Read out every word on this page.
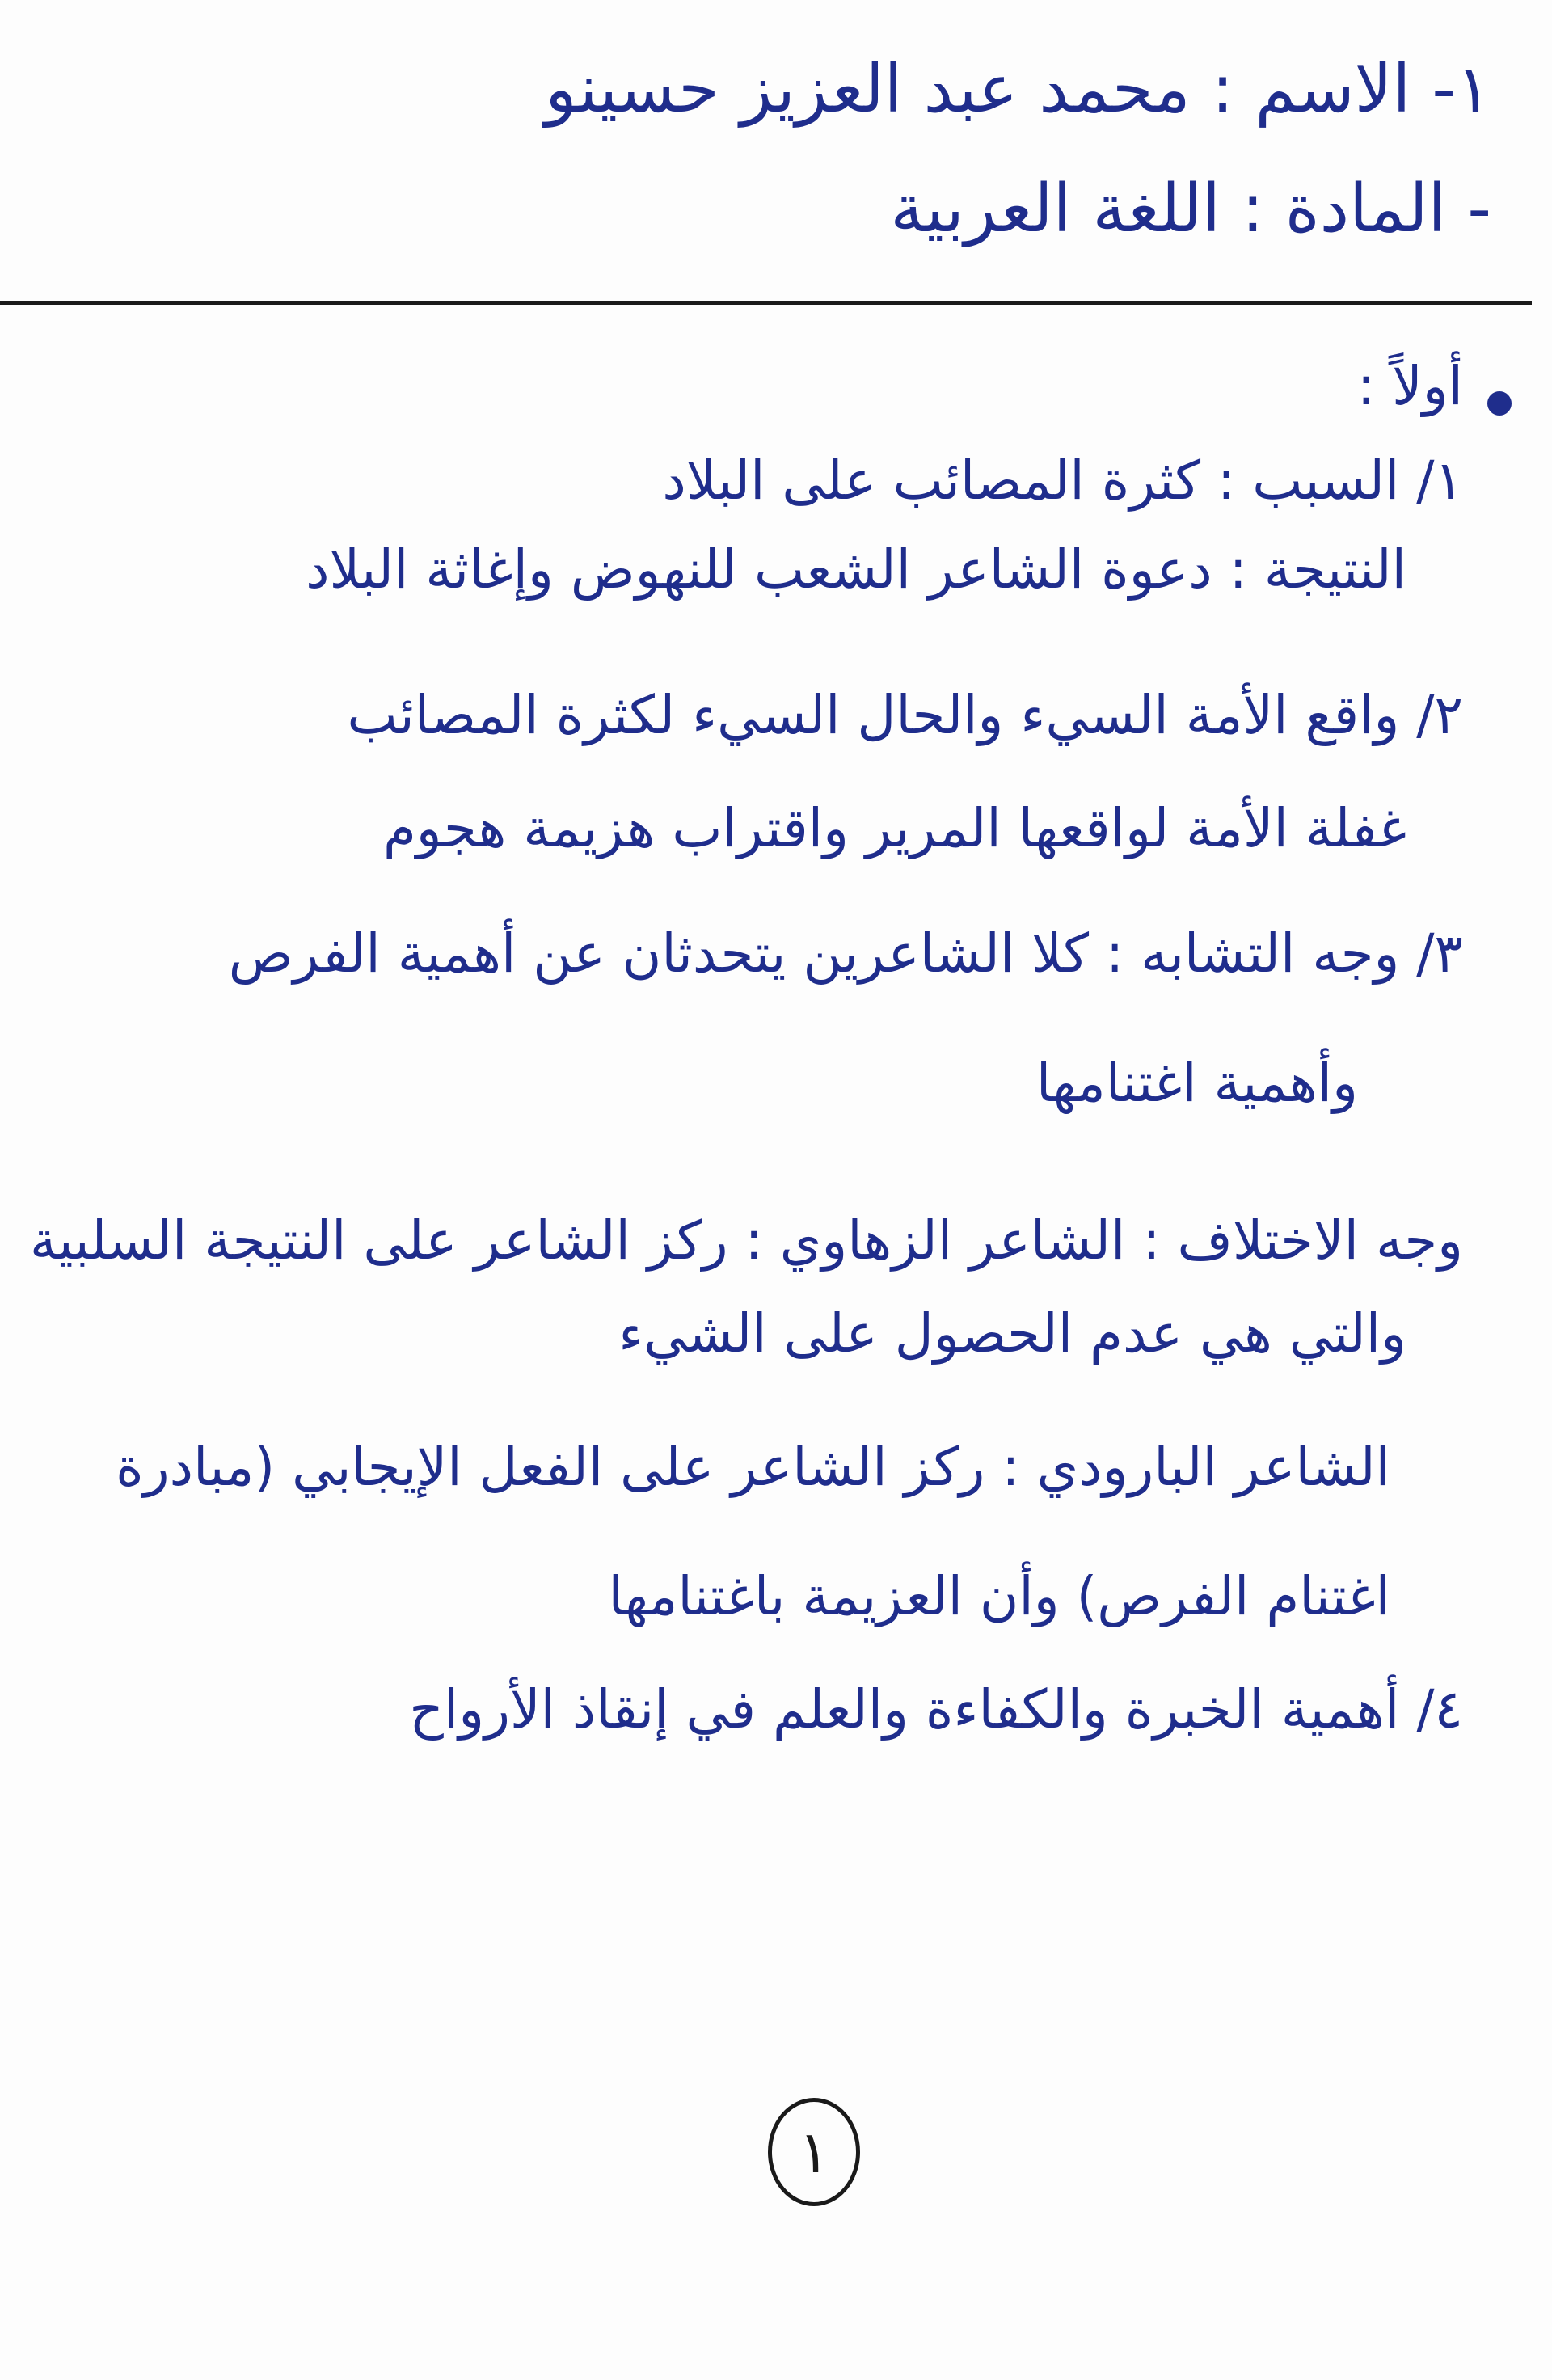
١- الاسم : محمد عبد العزيز حسينو
- المادة : اللغة العربية
أولاً :
١/ السبب : كثرة المصائب على البلاد
النتيجة : دعوة الشاعر الشعب للنهوض وإغاثة البلاد
٢/ واقع الأمة السيء والحال السيء لكثرة المصائب
غفلة الأمة لواقعها المرير واقتراب هزيمة هجوم
٣/ وجه التشابه : كلا الشاعرين يتحدثان عن أهمية الفرص
وأهمية اغتنامها
وجه الاختلاف : الشاعر الزهاوي : ركز الشاعر على النتيجة السلبية
والتي هي عدم الحصول على الشيء
الشاعر البارودي : ركز الشاعر على الفعل الإيجابي (مبادرة
اغتنام الفرص) وأن العزيمة باغتنامها
٤/ أهمية الخبرة والكفاءة والعلم في إنقاذ الأرواح
١
